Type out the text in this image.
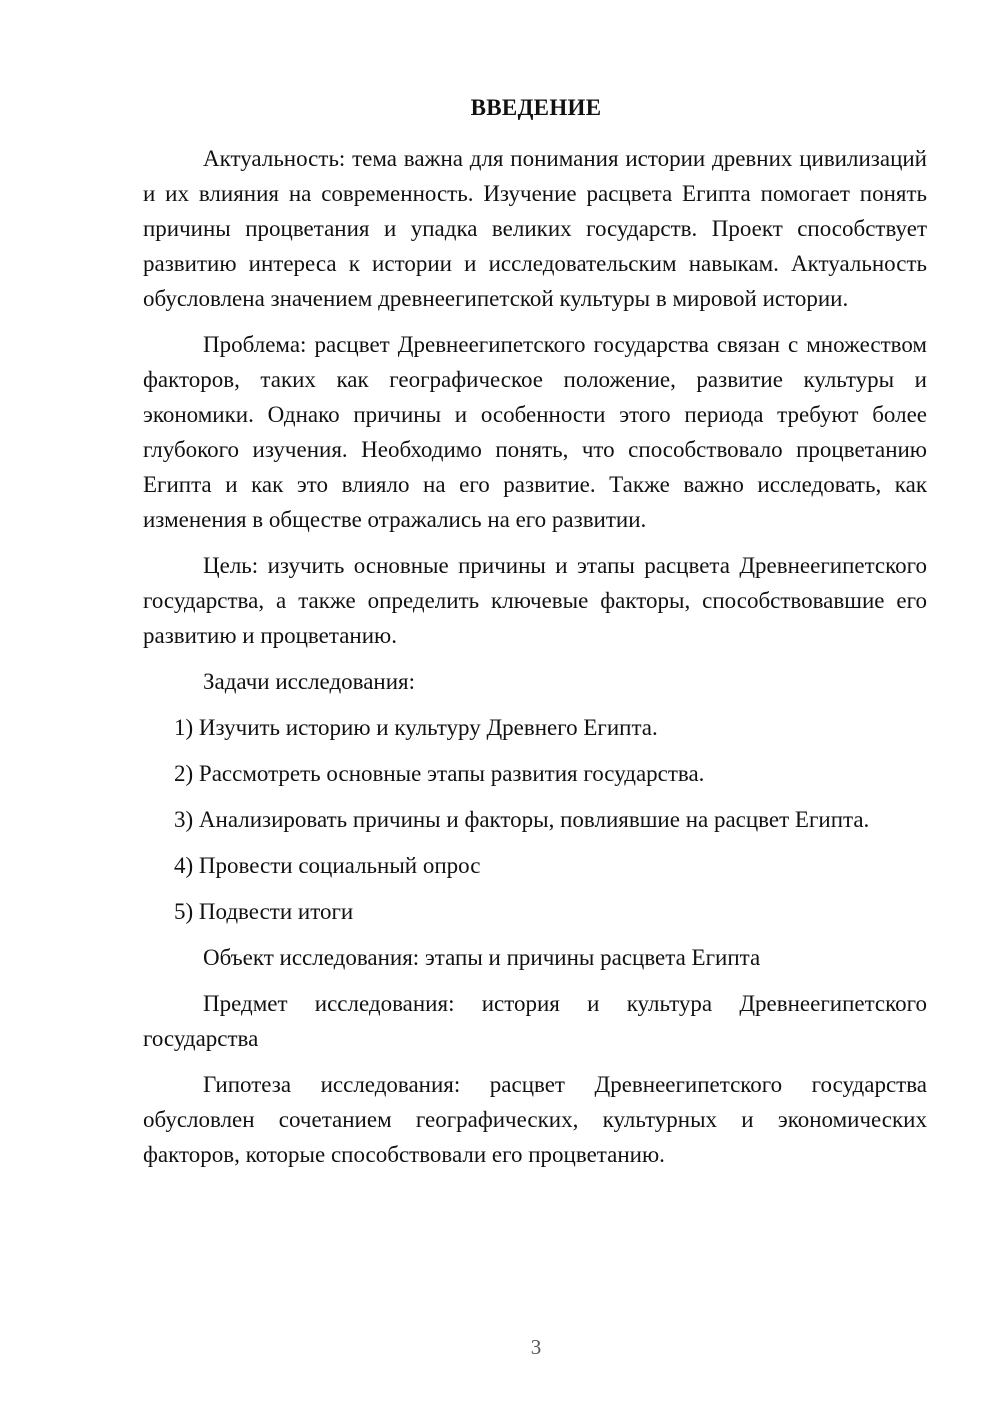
ВВЕДЕНИЕ

Актуальность: тема важна для понимания истории древних цивилизаций и их влияния на современность. Изучение расцвета Египта помогает понять причины процветания и упадка великих государств. Проект способствует развитию интереса к истории и исследовательским навыкам. Актуальность обусловлена значением древнеегипетской культуры в мировой истории.

Проблема: расцвет Древнеегипетского государства связан с множеством факторов, таких как географическое положение, развитие культуры и экономики. Однако причины и особенности этого периода требуют более глубокого изучения. Необходимо понять, что способствовало процветанию Египта и как это влияло на его развитие. Также важно исследовать, как изменения в обществе отражались на его развитии.

Цель: изучить основные причины и этапы расцвета Древнеегипетского государства, а также определить ключевые факторы, способствовавшие его развитию и процветанию.

Задачи исследования:

1) Изучить историю и культуру Древнего Египта.

2) Рассмотреть основные этапы развития государства.

3) Анализировать причины и факторы, повлиявшие на расцвет Египта.

4) Провести социальный опрос

5) Подвести итоги

Объект исследования: этапы и причины расцвета Египта

Предмет исследования: история и культура Древнеегипетского государства

Гипотеза исследования: расцвет Древнеегипетского государства обусловлен сочетанием географических, культурных и экономических факторов, которые способствовали его процветанию.

3
